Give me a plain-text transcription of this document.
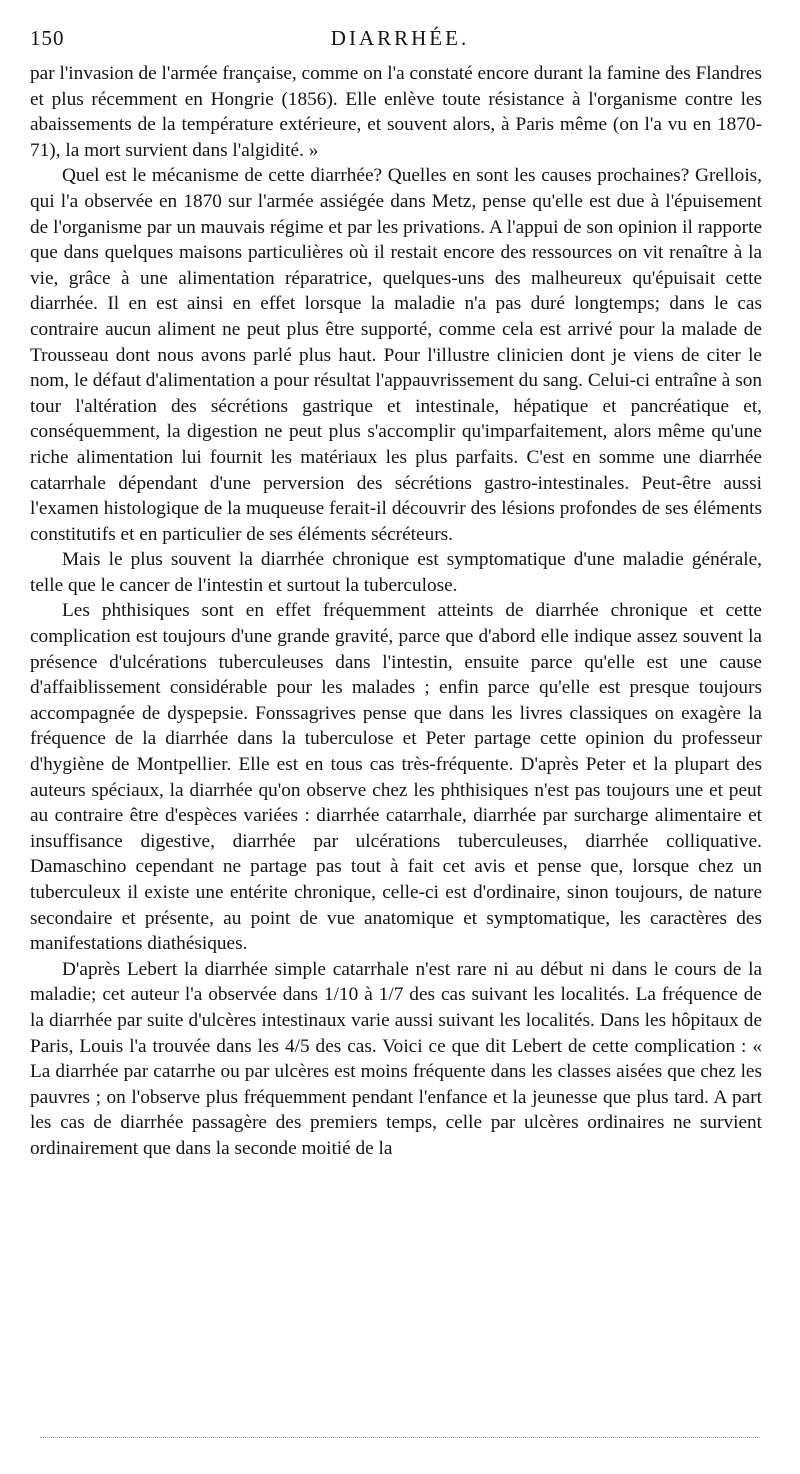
150	DIARRHÉE.

par l'invasion de l'armée française, comme on l'a constaté encore durant la famine des Flandres et plus récemment en Hongrie (1856). Elle enlève toute résistance à l'organisme contre les abaissements de la température extérieure, et souvent alors, à Paris même (on l'a vu en 1870-71), la mort survient dans l'algidité. »

Quel est le mécanisme de cette diarrhée? Quelles en sont les causes prochaines? Grellois, qui l'a observée en 1870 sur l'armée assiégée dans Metz, pense qu'elle est due à l'épuisement de l'organisme par un mauvais régime et par les privations. A l'appui de son opinion il rapporte que dans quelques maisons particulières où il restait encore des ressources on vit renaître à la vie, grâce à une alimentation réparatrice, quelques-uns des malheureux qu'épuisait cette diarrhée. Il en est ainsi en effet lorsque la maladie n'a pas duré longtemps; dans le cas contraire aucun aliment ne peut plus être supporté, comme cela est arrivé pour la malade de Trousseau dont nous avons parlé plus haut. Pour l'illustre clinicien dont je viens de citer le nom, le défaut d'alimentation a pour résultat l'appauvrissement du sang. Celui-ci entraîne à son tour l'altération des sécrétions gastrique et intestinale, hépatique et pancréatique et, conséquemment, la digestion ne peut plus s'accomplir qu'imparfaitement, alors même qu'une riche alimentation lui fournit les matériaux les plus parfaits. C'est en somme une diarrhée catarrhale dépendant d'une perversion des sécrétions gastro-intestinales. Peut-être aussi l'examen histologique de la muqueuse ferait-il découvrir des lésions profondes de ses éléments constitutifs et en particulier de ses éléments sécréteurs.

Mais le plus souvent la diarrhée chronique est symptomatique d'une maladie générale, telle que le cancer de l'intestin et surtout la tuberculose.

Les phthisiques sont en effet fréquemment atteints de diarrhée chronique et cette complication est toujours d'une grande gravité, parce que d'abord elle indique assez souvent la présence d'ulcérations tuberculeuses dans l'intestin, ensuite parce qu'elle est une cause d'affaiblissement considérable pour les malades ; enfin parce qu'elle est presque toujours accompagnée de dyspepsie. Fonssagrives pense que dans les livres classiques on exagère la fréquence de la diarrhée dans la tuberculose et Peter partage cette opinion du professeur d'hygiène de Montpellier. Elle est en tous cas très-fréquente. D'après Peter et la plupart des auteurs spéciaux, la diarrhée qu'on observe chez les phthisiques n'est pas toujours une et peut au contraire être d'espèces variées : diarrhée catarrhale, diarrhée par surcharge alimentaire et insuffisance digestive, diarrhée par ulcérations tuberculeuses, diarrhée colliquative. Damaschino cependant ne partage pas tout à fait cet avis et pense que, lorsque chez un tuberculeux il existe une entérite chronique, celle-ci est d'ordinaire, sinon toujours, de nature secondaire et présente, au point de vue anatomique et symptomatique, les caractères des manifestations diathésiques.

D'après Lebert la diarrhée simple catarrhale n'est rare ni au début ni dans le cours de la maladie; cet auteur l'a observée dans 1/10 à 1/7 des cas suivant les localités. La fréquence de la diarrhée par suite d'ulcères intestinaux varie aussi suivant les localités. Dans les hôpitaux de Paris, Louis l'a trouvée dans les 4/5 des cas. Voici ce que dit Lebert de cette complication : « La diarrhée par catarrhe ou par ulcères est moins fréquente dans les classes aisées que chez les pauvres ; on l'observe plus fréquemment pendant l'enfance et la jeunesse que plus tard. A part les cas de diarrhée passagère des premiers temps, celle par ulcères ordinaires ne survient ordinairement que dans la seconde moitié de la
